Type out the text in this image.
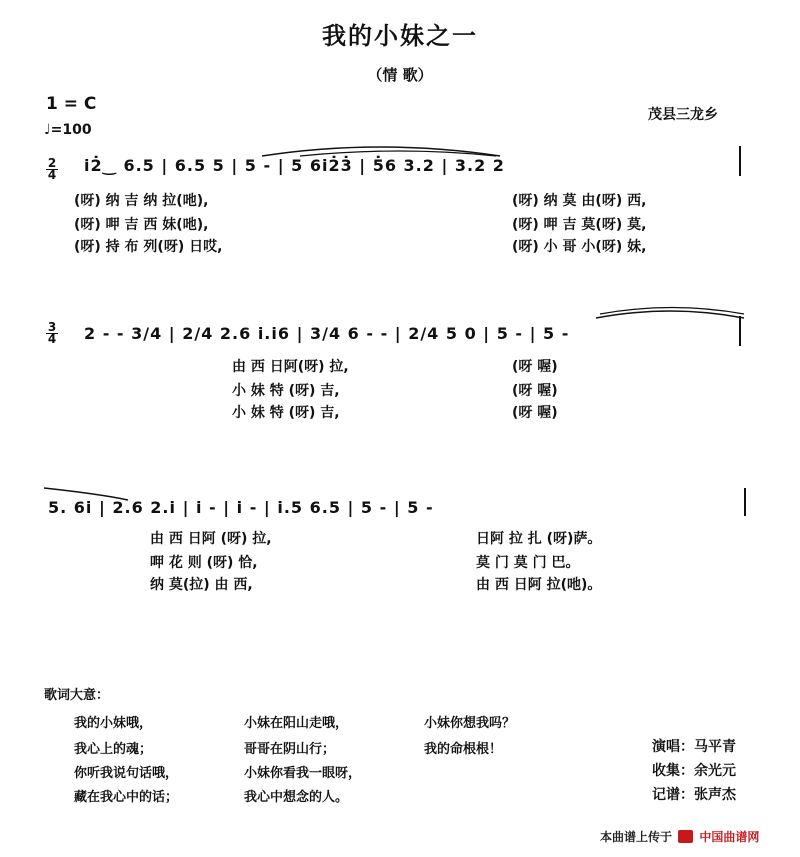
我的小妹之一
（情 歌）
1 = C
♩=100
茂县三龙乡
2
4 i2̇‿ 6.5 | 6.5 5 | 5 - | 5 6i2̇3̇ | 5̇6 3.2 | 3.2 2
(呀) 纳 吉 纳 拉(吔),	(呀) 纳 莫 由(呀) 西,
(呀) 呷 吉 西 妹(吔),	(呀) 呷 吉 莫(呀) 莫,
(呀) 持 布 列(呀) 日哎,	(呀) 小 哥 小(呀) 妹,
3
4 2 - - 3/4 | 2/4 2.6 i.i6 | 3/4 6 - - | 2/4 5 0 | 5 - | 5 -
由 西 日阿(呀) 拉,	(呀 喔)
小 妹 特 (呀) 吉,	(呀 喔)
小 妹 特 (呀) 吉,	(呀 喔)
5. 6i | 2.6 2.i | i - | i - | i.5 6.5 | 5 - | 5 -
由 西 日阿 (呀) 拉,	日阿 拉 扎 (呀)萨。
呷 花 则 (呀) 恰,	莫 门 莫 门 巴。
纳 莫(拉) 由 西,	由 西 日阿 拉(吔)。
歌词大意：
我的小妹哦，
我心上的魂；
你听我说句话哦，
藏在我心中的话；
小妹在阳山走哦，
哥哥在阴山行；
小妹你看我一眼呀，
我心中想念的人。
小妹你想我吗？
我的命根根！	演唱：马平青
收集：余光元
记谱：张声杰
本曲谱上传于 中国曲谱网
